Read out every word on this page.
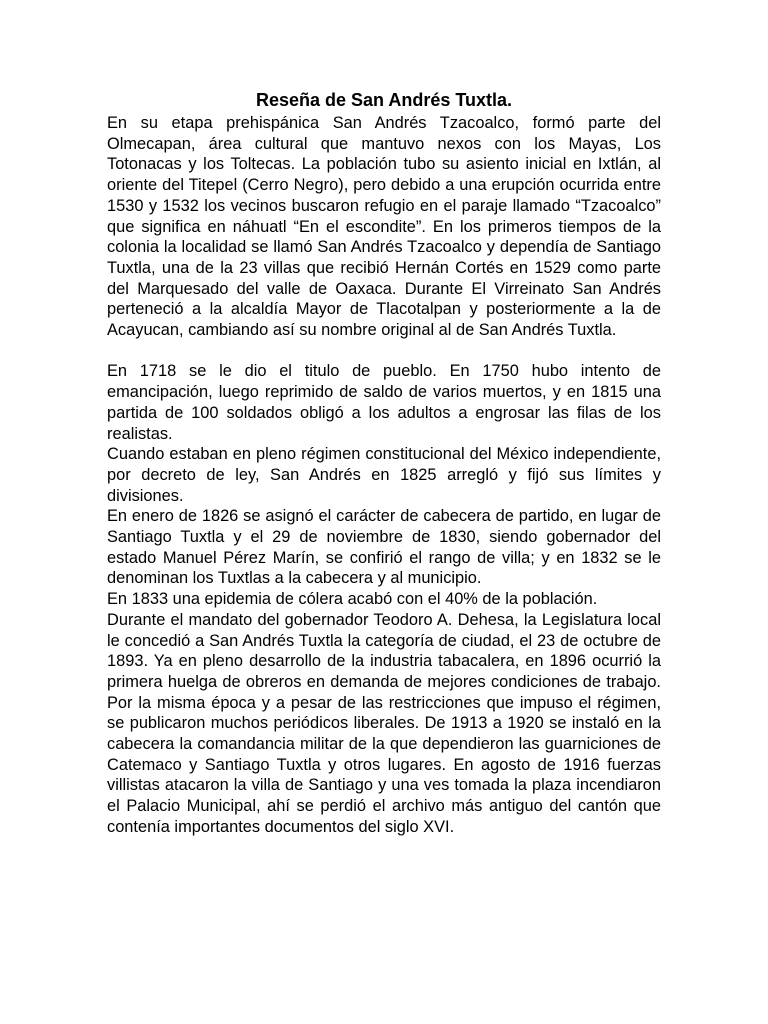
Reseña de San Andrés Tuxtla.

En su etapa prehispánica San Andrés Tzacoalco, formó parte del Olmecapan, área cultural que mantuvo nexos con los Mayas, Los Totonacas y los Toltecas. La población tubo su asiento inicial en Ixtlán, al oriente del Titepel (Cerro Negro), pero debido a una erupción ocurrida entre 1530 y 1532 los vecinos buscaron refugio en el paraje llamado “Tzacoalco” que significa en náhuatl “En el escondite”. En los primeros tiempos de la colonia la localidad se llamó San Andrés Tzacoalco y dependía de Santiago Tuxtla, una de la 23 villas que recibió Hernán Cortés en 1529 como parte del Marquesado del valle de Oaxaca. Durante El Virreinato San Andrés perteneció a la alcaldía Mayor de Tlacotalpan y posteriormente a la de Acayucan, cambiando así su nombre original al de San Andrés Tuxtla.

En 1718 se le dio el titulo de pueblo. En 1750 hubo intento de emancipación, luego reprimido de saldo de varios muertos, y en 1815 una partida de 100 soldados obligó a los adultos a engrosar las filas de los realistas.

Cuando estaban en pleno régimen constitucional del México independiente, por decreto de ley, San Andrés en 1825 arregló y fijó sus límites y divisiones.

En enero de 1826 se asignó el carácter de cabecera de partido, en lugar de Santiago Tuxtla y el 29 de noviembre de 1830, siendo gobernador del estado Manuel Pérez Marín, se confirió el rango de villa; y en 1832 se le denominan los Tuxtlas a la cabecera y al municipio.

En 1833 una epidemia de cólera acabó con el 40% de la población.

Durante el mandato del gobernador Teodoro A. Dehesa, la Legislatura local le concedió a San Andrés Tuxtla la categoría de ciudad, el 23 de octubre de 1893. Ya en pleno desarrollo de la industria tabacalera, en 1896 ocurrió la primera huelga de obreros en demanda de mejores condiciones de trabajo. Por la misma época y a pesar de las restricciones que impuso el régimen, se publicaron muchos periódicos liberales. De 1913 a 1920 se instaló en la cabecera la comandancia militar de la que dependieron las guarniciones de Catemaco y Santiago Tuxtla y otros lugares. En agosto de 1916 fuerzas villistas atacaron la villa de Santiago y una ves tomada la plaza incendiaron el Palacio Municipal, ahí se perdió el archivo más antiguo del cantón que contenía importantes documentos del siglo XVI.
